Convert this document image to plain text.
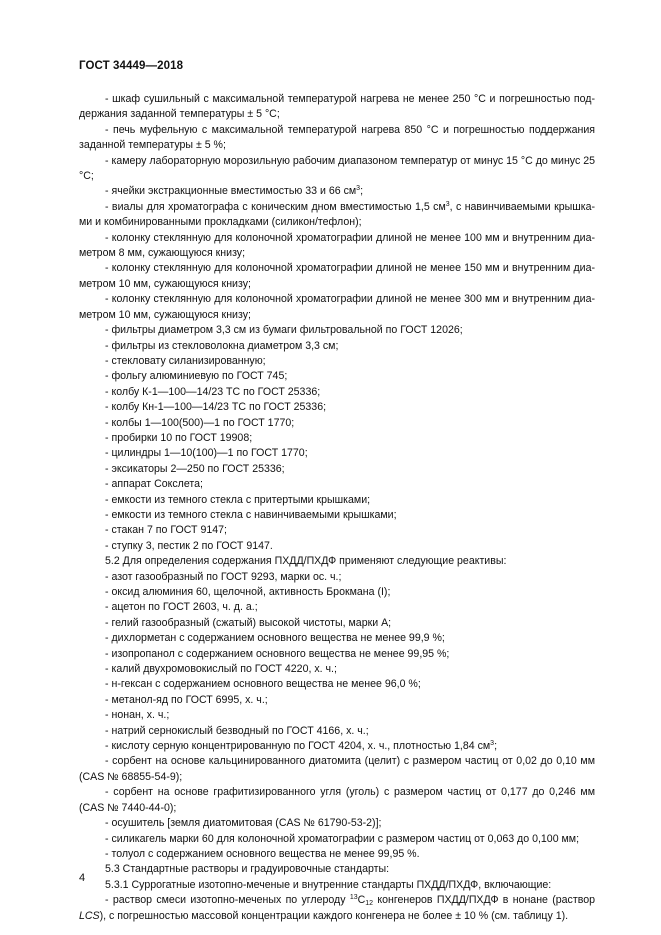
ГОСТ 34449—2018

- шкаф сушильный с максимальной температурой нагрева не менее 250 °С и погрешностью поддержания заданной температуры ± 5 °С;

- печь муфельную с максимальной температурой нагрева 850 °С и погрешностью поддержания заданной температуры ± 5 %;

- камеру лабораторную морозильную рабочим диапазоном температур от минус 15 °С до минус 25 °С;

- ячейки экстракционные вместимостью 33 и 66 $см^3$;

- виалы для хроматографа с коническим дном вместимостью 1,5 $см^3$, с навинчиваемыми крышками и комбинированными прокладками (силикон/тефлон);

- колонку стеклянную для колоночной хроматографии длиной не менее 100 мм и внутренним диаметром 8 мм, сужающуюся книзу;

- колонку стеклянную для колоночной хроматографии длиной не менее 150 мм и внутренним диаметром 10 мм, сужающуюся книзу;

- колонку стеклянную для колоночной хроматографии длиной не менее 300 мм и внутренним диаметром 10 мм, сужающуюся книзу;

- фильтры диаметром 3,3 см из бумаги фильтровальной по ГОСТ 12026;

- фильтры из стекловолокна диаметром 3,3 см;

- стекловату силанизированную;

- фольгу алюминиевую по ГОСТ 745;

- колбу К-1—100—14/23 ТС по ГОСТ 25336;

- колбу Кн-1—100—14/23 ТС по ГОСТ 25336;

- колбы 1—100(500)—1 по ГОСТ 1770;

- пробирки 10 по ГОСТ 19908;

- цилиндры 1—10(100)—1 по ГОСТ 1770;

- эксикаторы 2—250 по ГОСТ 25336;

- аппарат Сокслета;

- емкости из темного стекла с притертыми крышками;

- емкости из темного стекла с навинчиваемыми крышками;

- стакан 7 по ГОСТ 9147;

- ступку 3, пестик 2 по ГОСТ 9147.

5.2 Для определения содержания ПХДД/ПХДФ применяют следующие реактивы:

- азот газообразный по ГОСТ 9293, марки ос. ч.;

- оксид алюминия 60, щелочной, активность Брокмана (I);

- ацетон по ГОСТ 2603, ч. д. а.;

- гелий газообразный (сжатый) высокой чистоты, марки А;

- дихлорметан с содержанием основного вещества не менее 99,9 %;

- изопропанол с содержанием основного вещества не менее 99,95 %;

- калий двухромовокислый по ГОСТ 4220, х. ч.;

- н-гексан с содержанием основного вещества не менее 96,0 %;

- метанол-яд по ГОСТ 6995, х. ч.;

- нонан, х. ч.;

- натрий сернокислый безводный по ГОСТ 4166, х. ч.;

- кислоту серную концентрированную по ГОСТ 4204, х. ч., плотностью 1,84 $см^3$;

- сорбент на основе кальцинированного диатомита (целит) с размером частиц от 0,02 до 0,10 мм (CAS № 68855-54-9);

- сорбент на основе графитизированного угля (уголь) с размером частиц от 0,177 до 0,246 мм (CAS № 7440-44-0);

- осушитель [земля диатомитовая (CAS № 61790-53-2)];

- силикагель марки 60 для колоночной хроматографии с размером частиц от 0,063 до 0,100 мм;

- толуол с содержанием основного вещества не менее 99,95 %.

5.3 Стандартные растворы и градуировочные стандарты:

5.3.1 Суррогатные изотопно-меченые и внутренние стандарты ПХДД/ПХДФ, включающие:

- раствор смеси изотопно-меченых по углероду $^{13}С_{12}$ конгенеров ПХДД/ПХДФ в нонане (раствор LCS), с погрешностью массовой концентрации каждого конгенера не более ± 10 % (см. таблицу 1).

4
